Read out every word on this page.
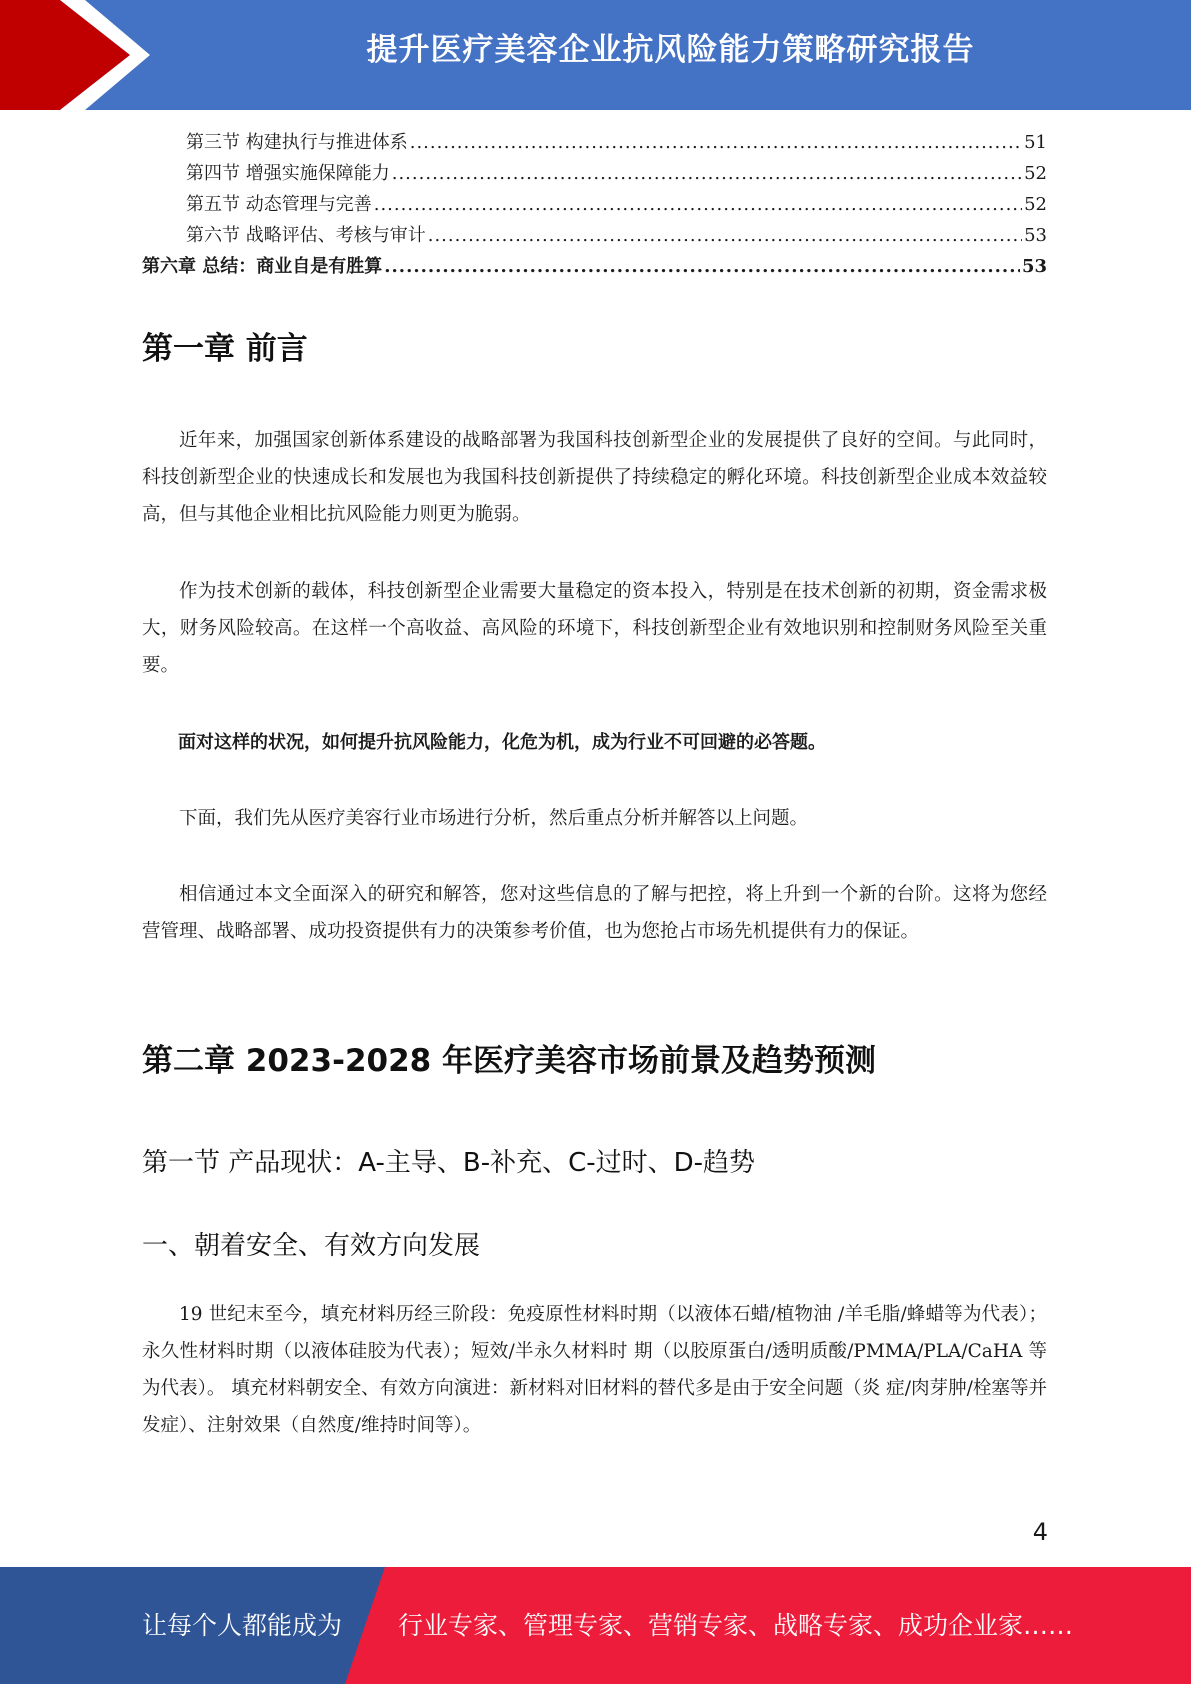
提升医疗美容企业抗风险能力策略研究报告
第三节 构建执行与推进体系 .....	51
第四节 增强实施保障能力 .....	52
第五节 动态管理与完善 .....	52
第六节 战略评估、考核与审计 .....	53
第六章 总结：商业自是有胜算 .....	53
第一章 前言

近年来，加强国家创新体系建设的战略部署为我国科技创新型企业的发展提供了良好的空间。与此同时，科技创新型企业的快速成长和发展也为我国科技创新提供了持续稳定的孵化环境。科技创新型企业成本效益较高，但与其他企业相比抗风险能力则更为脆弱。

作为技术创新的载体，科技创新型企业需要大量稳定的资本投入，特别是在技术创新的初期，资金需求极大，财务风险较高。在这样一个高收益、高风险的环境下，科技创新型企业有效地识别和控制财务风险至关重要。

面对这样的状况，如何提升抗风险能力，化危为机，成为行业不可回避的必答题。

下面，我们先从医疗美容行业市场进行分析，然后重点分析并解答以上问题。

相信通过本文全面深入的研究和解答，您对这些信息的了解与把控，将上升到一个新的台阶。这将为您经营管理、战略部署、成功投资提供有力的决策参考价值，也为您抢占市场先机提供有力的保证。

第二章 2023-2028 年医疗美容市场前景及趋势预测
第一节 产品现状：A-主导、B-补充、C-过时、D-趋势
一、朝着安全、有效方向发展

19 世纪末至今，填充材料历经三阶段：免疫原性材料时期（以液体石蜡/植物油 /羊毛脂/蜂蜡等为代表）；永久性材料时期（以液体硅胶为代表）；短效/半永久材料时 期（以胶原蛋白/透明质酸/PMMA/PLA/CaHA 等为代表）。 填充材料朝安全、有效方向演进：新材料对旧材料的替代多是由于安全问题（炎 症/肉芽肿/栓塞等并发症）、注射效果（自然度/维持时间等）。

4
让每个人都能成为 行业专家、管理专家、营销专家、战略专家、成功企业家……
